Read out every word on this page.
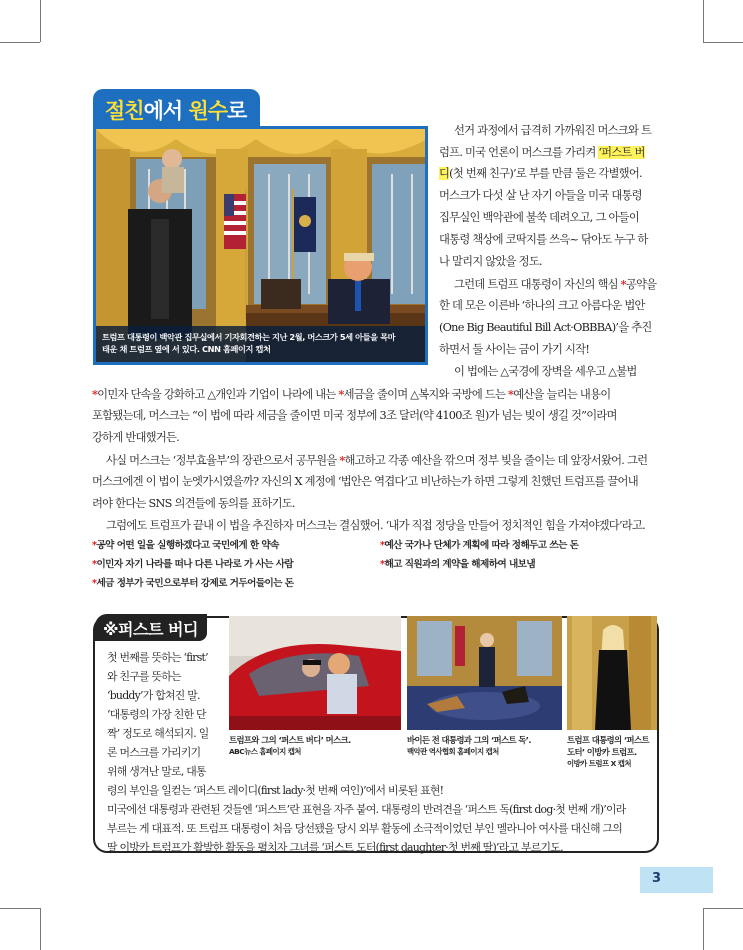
절친에서 원수로
트럼프 대통령이 백악관 집무실에서 기자회견하는 지난 2월, 머스크가 5세 아들을 목마
태운 채 트럼프 옆에 서 있다. CNN 홈페이지 캡처
선거 과정에서 급격히 가까워진 머스크와 트
럼프. 미국 언론이 머스크를 가리켜 ‘퍼스트 버
디(첫 번째 친구)’로 부를 만큼 둘은 각별했어.
머스크가 다섯 살 난 자기 아들을 미국 대통령
집무실인 백악관에 불쑥 데려오고, 그 아들이
대통령 책상에 코딱지를 쓰윽~ 닦아도 누구 하
나 말리지 않았을 정도.
그런데 트럼프 대통령이 자신의 핵심 *공약을
한 데 모은 이른바 ‘하나의 크고 아름다운 법안
(One Big Beautiful Bill Act·OBBBA)’을 추진
하면서 둘 사이는 금이 가기 시작!
이 법에는 △국경에 장벽을 세우고 △불법
*이민자 단속을 강화하고 △개인과 기업이 나라에 내는 *세금을 줄이며 △복지와 국방에 드는 *예산을 늘리는 내용이
포함됐는데, 머스크는 “이 법에 따라 세금을 줄이면 미국 정부에 3조 달러(약 4100조 원)가 넘는 빚이 생길 것”이라며
강하게 반대했거든.
사실 머스크는 ‘정부효율부’의 장관으로서 공무원을 *해고하고 각종 예산을 깎으며 정부 빚을 줄이는 데 앞장서왔어. 그런
머스크에겐 이 법이 눈엣가시였을까? 자신의 X 계정에 ‘법안은 역겹다’고 비난하는가 하면 그렇게 친했던 트럼프를 끌어내
려야 한다는 SNS 의견들에 동의를 표하기도.
그럼에도 트럼프가 끝내 이 법을 추진하자 머스크는 결심했어. ‘내가 직접 정당을 만들어 정치적인 힘을 가져야겠다’라고.
*공약 어떤 일을 실행하겠다고 국민에게 한 약속
*이민자 자기 나라를 떠나 다른 나라로 가 사는 사람
*세금 정부가 국민으로부터 강제로 거두어들이는 돈
*예산 국가나 단체가 계획에 따라 정해두고 쓰는 돈
*해고 직원과의 계약을 해제하여 내보냄
※퍼스트 버디
첫 번째를 뜻하는 ‘first’
와 친구를 뜻하는
‘buddy’가 합쳐진 말.
‘대통령의 가장 친한 단
짝’ 정도로 해석되지. 일
론 머스크를 가리키기
위해 생겨난 말로, 대통
령의 부인을 일컫는 ‘퍼스트 레이디(first lady·첫 번째 여인)’에서 비롯된 표현!
미국에선 대통령과 관련된 것들엔 ‘퍼스트’란 표현을 자주 붙여. 대통령의 반려견을 ‘퍼스트 독(first dog·첫 번째 개)’이라
부르는 게 대표적. 또 트럼프 대통령이 처음 당선됐을 당시 외부 활동에 소극적이었던 부인 멜라니아 여사를 대신해 그의
딸 이방카 트럼프가 활발한 활동을 펼치자 그녀를 ‘퍼스트 도터(first daughter·첫 번째 딸)’라고 부르기도.
트럼프와 그의 ‘퍼스트 버디’ 머스크.
ABC뉴스 홈페이지 캡처
바이든 전 대통령과 그의 ‘퍼스트 독’.
백악관 역사협회 홈페이지 캡처
트럼프 대통령의 ‘퍼스트
도터’ 이방카 트럼프.
이방카 트럼프 X 캡처
3
